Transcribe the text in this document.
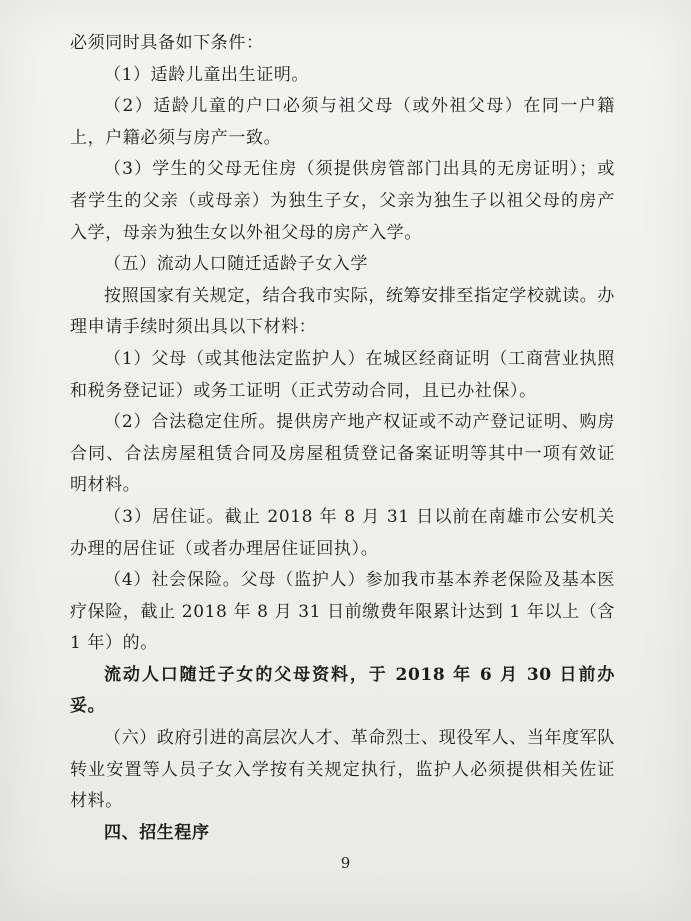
必须同时具备如下条件：

（1）适龄儿童出生证明。

（2）适龄儿童的户口必须与祖父母（或外祖父母）在同一户籍上，户籍必须与房产一致。

（3）学生的父母无住房（须提供房管部门出具的无房证明）；或者学生的父亲（或母亲）为独生子女，父亲为独生子以祖父母的房产入学，母亲为独生女以外祖父母的房产入学。

（五）流动人口随迁适龄子女入学

按照国家有关规定，结合我市实际，统筹安排至指定学校就读。办理申请手续时须出具以下材料：

（1）父母（或其他法定监护人）在城区经商证明（工商营业执照和税务登记证）或务工证明（正式劳动合同，且已办社保）。

（2）合法稳定住所。提供房产地产权证或不动产登记证明、购房合同、合法房屋租赁合同及房屋租赁登记备案证明等其中一项有效证明材料。

（3）居住证。截止 2018 年 8 月 31 日以前在南雄市公安机关办理的居住证（或者办理居住证回执）。

（4）社会保险。父母（监护人）参加我市基本养老保险及基本医疗保险，截止 2018 年 8 月 31 日前缴费年限累计达到 1 年以上（含 1 年）的。

流动人口随迁子女的父母资料，于 2018 年 6 月 30 日前办妥。

（六）政府引进的高层次人才、革命烈士、现役军人、当年度军队转业安置等人员子女入学按有关规定执行，监护人必须提供相关佐证材料。

四、招生程序

9
